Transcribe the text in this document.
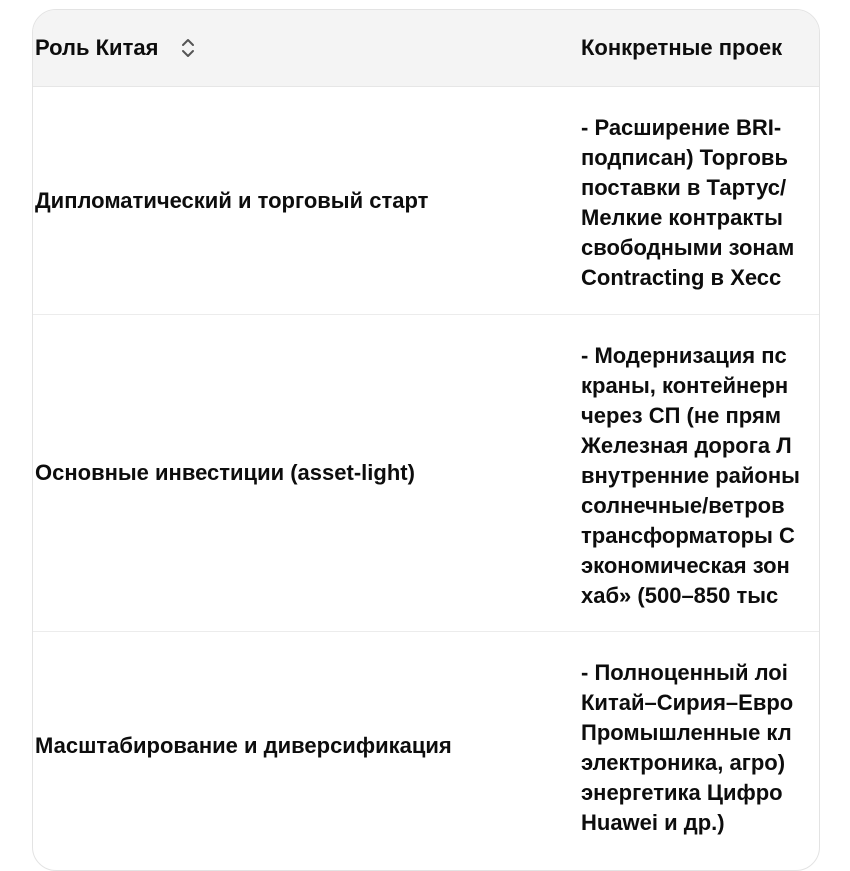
Роль Китая	Конкретные проек
Дипломатический и торговый старт
- Расширение BRI-
подписан) Торговь
поставки в Тартус/
Мелкие контракты
свободными зонам
Contracting в Хесс
Основные инвестиции (asset-light)
- Модернизация пс
краны, контейнерн
через СП (не прям
Железная дорога Л
внутренние районы
солнечные/ветров
трансформаторы С
экономическая зон
хаб» (500–850 тыс
Масштабирование и диверсификация
- Полноценный лоі
Китай–Сирия–Евро
Промышленные кл
электроника, агро)
энергетика Цифро
Huawei и др.)
